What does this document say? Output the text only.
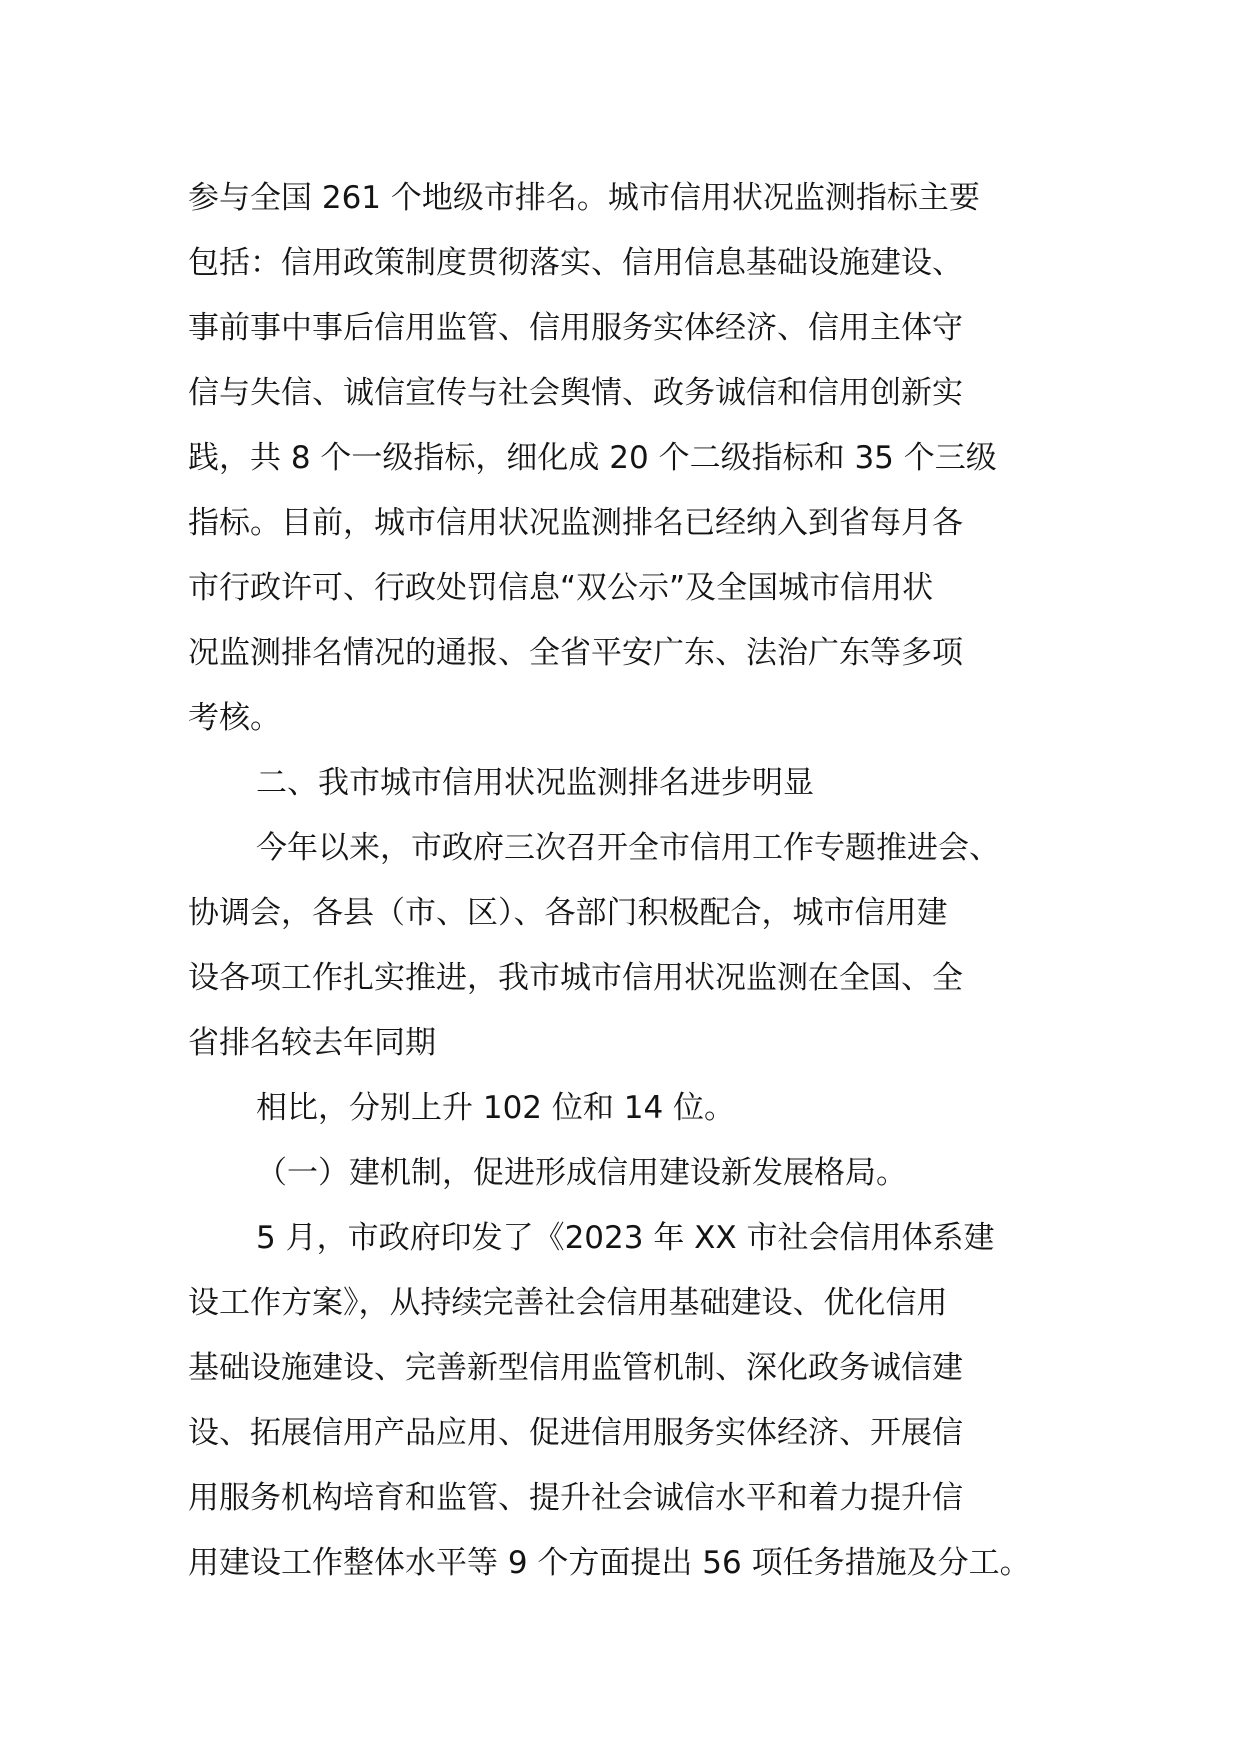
参与全国 261 个地级市排名。城市信用状况监测指标主要
包括：信用政策制度贯彻落实、信用信息基础设施建设、
事前事中事后信用监管、信用服务实体经济、信用主体守
信与失信、诚信宣传与社会舆情、政务诚信和信用创新实
践，共 8 个一级指标，细化成 20 个二级指标和 35 个三级
指标。目前，城市信用状况监测排名已经纳入到省每月各
市行政许可、行政处罚信息“双公示”及全国城市信用状
况监测排名情况的通报、全省平安广东、法治广东等多项
考核。
二、我市城市信用状况监测排名进步明显
今年以来，市政府三次召开全市信用工作专题推进会、
协调会，各县（市、区）、各部门积极配合，城市信用建
设各项工作扎实推进，我市城市信用状况监测在全国、全
省排名较去年同期
相比，分别上升 102 位和 14 位。
（一）建机制，促进形成信用建设新发展格局。
5 月，市政府印发了《2023 年 XX 市社会信用体系建
设工作方案》，从持续完善社会信用基础建设、优化信用
基础设施建设、完善新型信用监管机制、深化政务诚信建
设、拓展信用产品应用、促进信用服务实体经济、开展信
用服务机构培育和监管、提升社会诚信水平和着力提升信
用建设工作整体水平等 9 个方面提出 56 项任务措施及分工。
